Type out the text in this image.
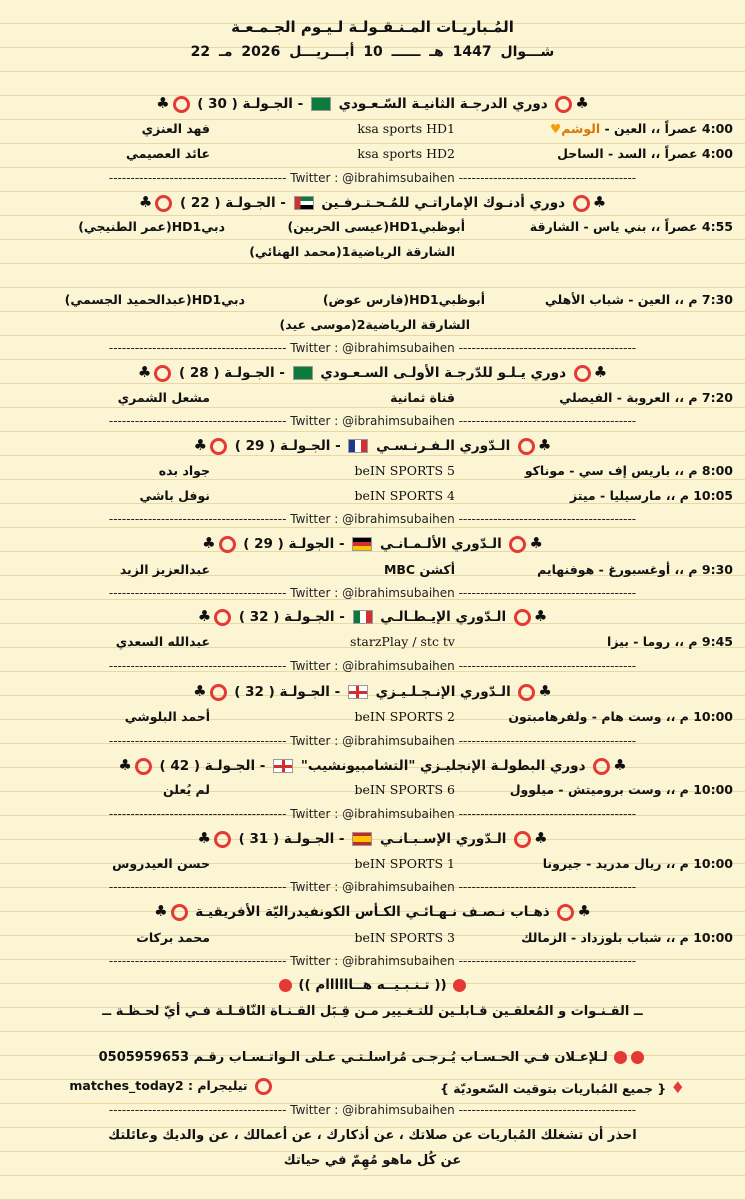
المُـباريـات المـنـقـولـة لـيـوم الجـمـعـة
22 شـــوال 1447 هـ ــــــ 10 أبـــريـــل 2026 مـ
♣ دوري الدرجـة الثانيـة السّـعـودي  - الجـولـة ( 30 ) ♣
4:00 عصراً ،، العين - الوشم♥
ksa sports HD1
فهد العنزي
4:00 عصراً ،، السد - الساحل
ksa sports HD2
عائد العصيمي
----------------------------------------- Twitter : @ibrahimsubaihen -----------------------------------------
♣ دوري أدنـوك الإماراتـي للمُـحـتـرفـين  - الجـولـة ( 22 ) ♣
4:55 عصراً ،، بني ياس - الشارقة
أبوظبيHD1(عيسى الحربين)
دبيHD1(عمر الطنيجي)
الشارقة الرياضية1(محمد الهنائي)
7:30 م ،، العين - شباب الأهلي
أبوظبيHD1(فارس عوض)
دبيHD1(عبدالحميد الجسمي)
الشارقة الرياضية2(موسى عيد)
----------------------------------------- Twitter : @ibrahimsubaihen -----------------------------------------
♣ دوري يـلـو للدّرجـة الأولـى السـعـودي  - الجـولـة ( 28 ) ♣
7:20 م ،، العروبة - الفيصلي
قناة ثمانية
مشعل الشمري
----------------------------------------- Twitter : @ibrahimsubaihen -----------------------------------------
♣ الـدّوري الـفـرنـسـي  - الجـولـة ( 29 ) ♣
8:00 م ،، باريس إف سي - موناكو
beIN SPORTS 5
جواد بده
10:05 م ،، مارسيليا - ميتز
beIN SPORTS 4
نوفل باشي
----------------------------------------- Twitter : @ibrahimsubaihen -----------------------------------------
♣ الـدّوري الألـمـانـي  - الجولـة ( 29 ) ♣
9:30 م ،، أوغسبورغ - هوفنهايم
MBC أكشن
عبدالعزيز الزيد
----------------------------------------- Twitter : @ibrahimsubaihen -----------------------------------------
♣ الـدّوري الإيـطـالـي  - الجـولـة ( 32 ) ♣
9:45 م ،، روما - بيزا
starzPlay / stc tv
عبدالله السعدي
----------------------------------------- Twitter : @ibrahimsubaihen -----------------------------------------
♣ الـدّوري الإنـجـلـيـزي  - الجـولـة ( 32 ) ♣
10:00 م ،، وست هام - ولفرهامبتون
beIN SPORTS 2
أحمد البلوشي
----------------------------------------- Twitter : @ibrahimsubaihen -----------------------------------------
♣ دوري البطولـة الإنجليـزي "التشامبيونشيب"  - الجـولـة ( 42 ) ♣
10:00 م ،، وست بروميتش - ميلوول
beIN SPORTS 6
لم يُعلن
----------------------------------------- Twitter : @ibrahimsubaihen -----------------------------------------
♣ الـدّوري الإسـبـانـي  - الجـولـة ( 31 ) ♣
10:00 م ،، ريال مدريد - جيرونا
beIN SPORTS 1
حسن العيدروس
----------------------------------------- Twitter : @ibrahimsubaihen -----------------------------------------
♣ ذهـاب نـصـف نـهـائـي الكـأس الكونفيدراليّة الأفريقيـة ♣
10:00 م ،، شباب بلوزداد - الزمالك
beIN SPORTS 3
محمد بركات
----------------------------------------- Twitter : @ibrahimsubaihen -----------------------------------------
(( تـنـبـيــه هــاااااام ))
ــ القـنـوات و المُعلقـين قـابلـين للتـغـيير مـن قِـبَل القـنـاة النّاقـلـة فـي أيّ لحـظـة ــ
لـلإعـلان فـي الحـسـاب يُـرجـى مُراسلـتـي عـلى الـواتـسـاب رقـم 0505959653
♦ { جميع المُباريات بتوقيت السّعوديّة }
تيليجرام : matches_today2
----------------------------------------- Twitter : @ibrahimsubaihen -----------------------------------------
احذر أن تشغلك المُباريات عن صلاتك ، عن أذكارك ، عن أعمالك ، عن والديك وعائلتك
عن كُل ماهو مُهِمّ في حياتك
